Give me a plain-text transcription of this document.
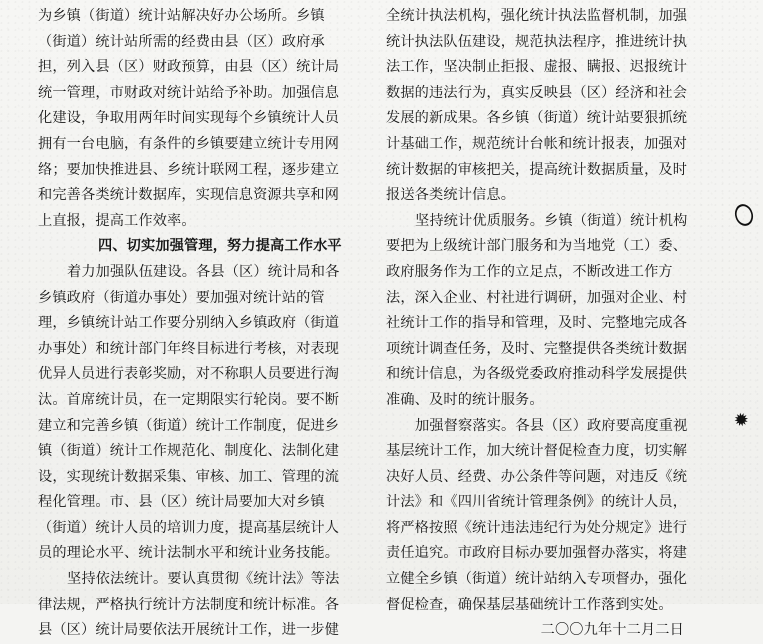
为乡镇（街道）统计站解决好办公场所。乡镇
（街道）统计站所需的经费由县（区）政府承
担，列入县（区）财政预算，由县（区）统计局
统一管理，市财政对统计站给予补助。加强信息
化建设，争取用两年时间实现每个乡镇统计人员
拥有一台电脑，有条件的乡镇要建立统计专用网
络；要加快推进县、乡统计联网工程，逐步建立
和完善各类统计数据库，实现信息资源共享和网
上直报，提高工作效率。
四、切实加强管理，努力提高工作水平
着力加强队伍建设。各县（区）统计局和各
乡镇政府（街道办事处）要加强对统计站的管
理，乡镇统计站工作要分别纳入乡镇政府（街道
办事处）和统计部门年终目标进行考核，对表现
优异人员进行表彰奖励，对不称职人员要进行淘
汰。首席统计员，在一定期限实行轮岗。要不断
建立和完善乡镇（街道）统计工作制度，促进乡
镇（街道）统计工作规范化、制度化、法制化建
设，实现统计数据采集、审核、加工、管理的流
程化管理。市、县（区）统计局要加大对乡镇
（街道）统计人员的培训力度，提高基层统计人
员的理论水平、统计法制水平和统计业务技能。
坚持依法统计。要认真贯彻《统计法》等法
律法规，严格执行统计方法制度和统计标准。各
县（区）统计局要依法开展统计工作，进一步健
全统计执法机构，强化统计执法监督机制，加强
统计执法队伍建设，规范执法程序，推进统计执
法工作，坚决制止拒报、虚报、瞒报、迟报统计
数据的违法行为，真实反映县（区）经济和社会
发展的新成果。各乡镇（街道）统计站要狠抓统
计基础工作，规范统计台帐和统计报表，加强对
统计数据的审核把关，提高统计数据质量，及时
报送各类统计信息。
坚持统计优质服务。乡镇（街道）统计机构
要把为上级统计部门服务和为当地党（工）委、
政府服务作为工作的立足点，不断改进工作方
法，深入企业、村社进行调研，加强对企业、村
社统计工作的指导和管理，及时、完整地完成各
项统计调查任务，及时、完整提供各类统计数据
和统计信息，为各级党委政府推动科学发展提供
准确、及时的统计服务。
加强督察落实。各县（区）政府要高度重视
基层统计工作，加大统计督促检查力度，切实解
决好人员、经费、办公条件等问题，对违反《统
计法》和《四川省统计管理条例》的统计人员，
将严格按照《统计违法违纪行为处分规定》进行
责任追究。市政府目标办要加强督办落实，将建
立健全乡镇（街道）统计站纳入专项督办，强化
督促检查，确保基层基础统计工作落到实处。
二〇〇九年十二月二日
✹
